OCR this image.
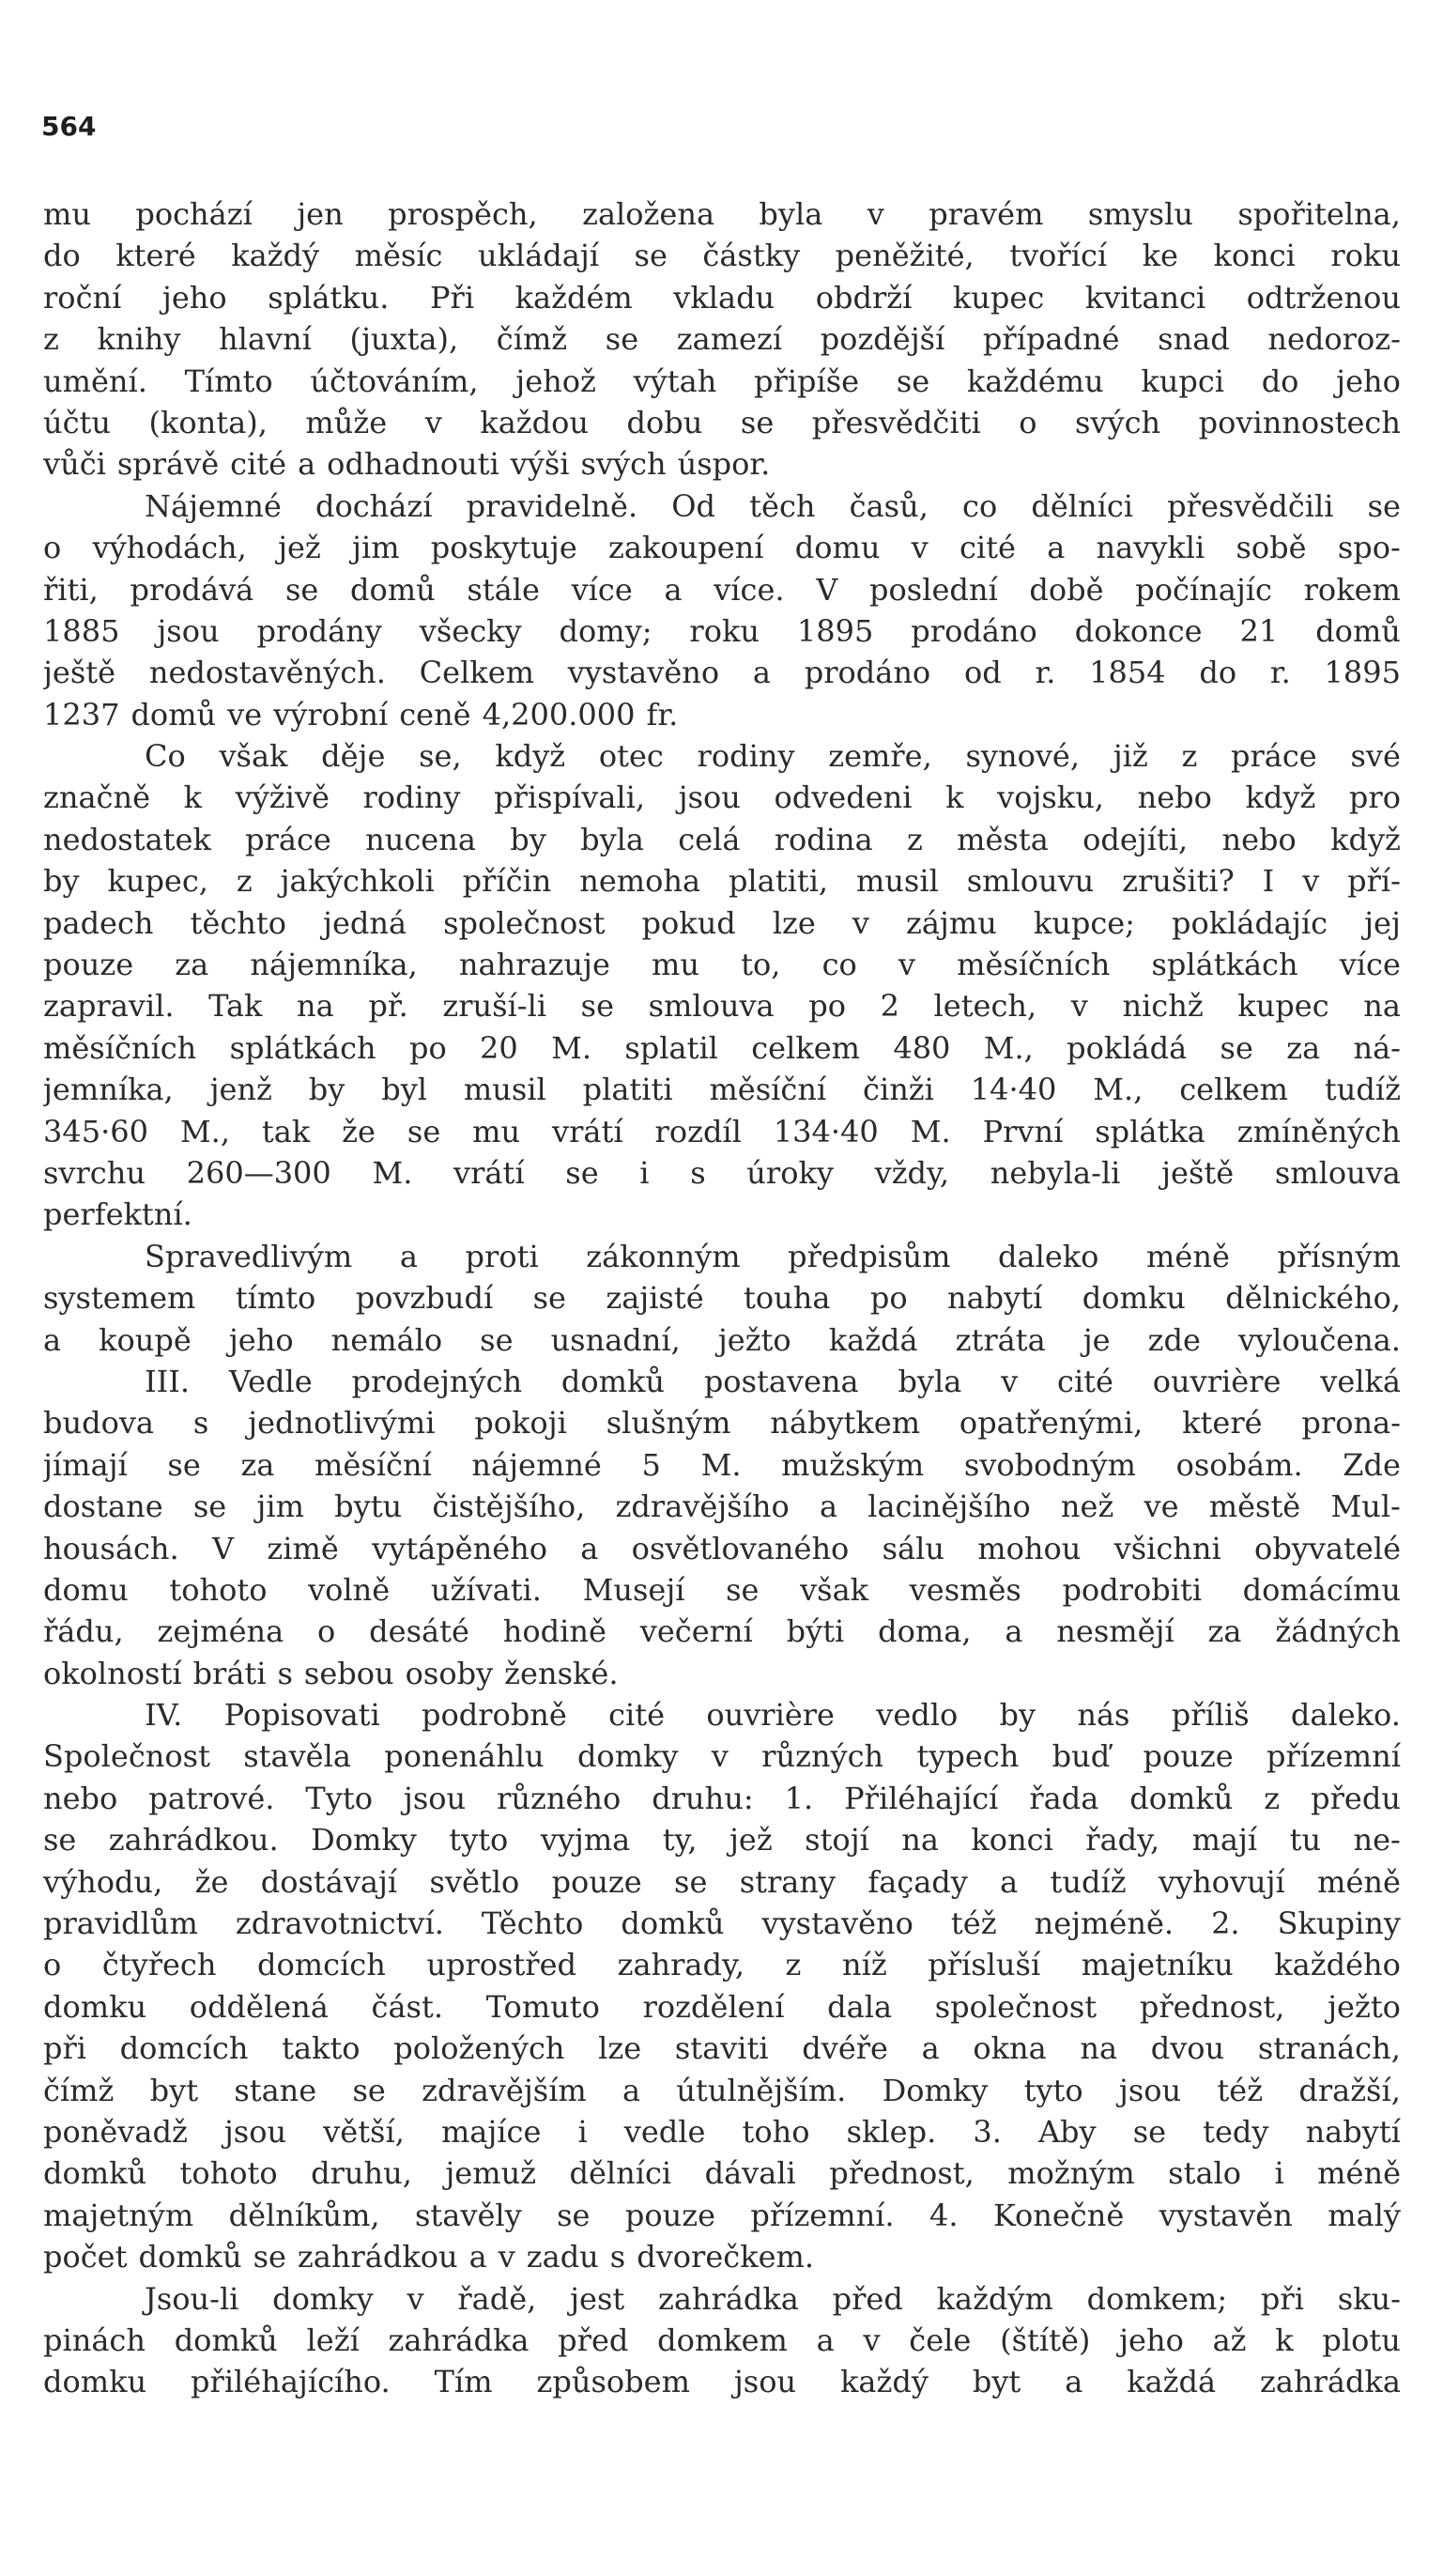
564
mu pochází jen prospěch, založena byla v pravém smyslu spořitelna,
do které každý měsíc ukládají se částky peněžité, tvořící ke konci roku
roční jeho splátku. Při každém vkladu obdrží kupec kvitanci odtrženou
z knihy hlavní (juxta), čímž se zamezí pozdější případné snad nedoroz-
umění. Tímto účtováním, jehož výtah připíše se každému kupci do jeho
účtu (konta), může v každou dobu se přesvědčiti o svých povinnostech
vůči správě cité a odhadnouti výši svých úspor.
Nájemné dochází pravidelně. Od těch časů, co dělníci přesvědčili se
o výhodách, jež jim poskytuje zakoupení domu v cité a navykli sobě spo-
řiti, prodává se domů stále více a více. V poslední době počínajíc rokem
1885 jsou prodány všecky domy; roku 1895 prodáno dokonce 21 domů
ještě nedostavěných. Celkem vystavěno a prodáno od r. 1854 do r. 1895
1237 domů ve výrobní ceně 4,200.000 fr.
Co však děje se, když otec rodiny zemře, synové, již z práce své
značně k výživě rodiny přispívali, jsou odvedeni k vojsku, nebo když pro
nedostatek práce nucena by byla celá rodina z města odejíti, nebo když
by kupec, z jakýchkoli příčin nemoha platiti, musil smlouvu zrušiti? I v pří-
padech těchto jedná společnost pokud lze v zájmu kupce; pokládajíc jej
pouze za nájemníka, nahrazuje mu to, co v měsíčních splátkách více
zapravil. Tak na př. zruší-li se smlouva po 2 letech, v nichž kupec na
měsíčních splátkách po 20 M. splatil celkem 480 M., pokládá se za ná-
jemníka, jenž by byl musil platiti měsíční činži 14·40 M., celkem tudíž
345·60 M., tak že se mu vrátí rozdíl 134·40 M. První splátka zmíněných
svrchu 260—300 M. vrátí se i s úroky vždy, nebyla-li ještě smlouva
perfektní.
Spravedlivým a proti zákonným předpisům daleko méně přísným
systemem tímto povzbudí se zajisté touha po nabytí domku dělnického,
a koupě jeho nemálo se usnadní, ježto každá ztráta je zde vyloučena.
III. Vedle prodejných domků postavena byla v cité ouvrière velká
budova s jednotlivými pokoji slušným nábytkem opatřenými, které prona-
jímají se za měsíční nájemné 5 M. mužským svobodným osobám. Zde
dostane se jim bytu čistějšího, zdravějšího a lacinějšího než ve městě Mul-
housách. V zimě vytápěného a osvětlovaného sálu mohou všichni obyvatelé
domu tohoto volně užívati. Musejí se však vesměs podrobiti domácímu
řádu, zejména o desáté hodině večerní býti doma, a nesmějí za žádných
okolností bráti s sebou osoby ženské.
IV. Popisovati podrobně cité ouvrière vedlo by nás příliš daleko.
Společnost stavěla ponenáhlu domky v různých typech buď pouze přízemní
nebo patrové. Tyto jsou různého druhu: 1. Přiléhající řada domků z předu
se zahrádkou. Domky tyto vyjma ty, jež stojí na konci řady, mají tu ne-
výhodu, že dostávají světlo pouze se strany façady a tudíž vyhovují méně
pravidlům zdravotnictví. Těchto domků vystavěno též nejméně. 2. Skupiny
o čtyřech domcích uprostřed zahrady, z níž přísluší majetníku každého
domku oddělená část. Tomuto rozdělení dala společnost přednost, ježto
při domcích takto položených lze staviti dvéře a okna na dvou stranách,
čímž byt stane se zdravějším a útulnějším. Domky tyto jsou též dražší,
poněvadž jsou větší, majíce i vedle toho sklep. 3. Aby se tedy nabytí
domků tohoto druhu, jemuž dělníci dávali přednost, možným stalo i méně
majetným dělníkům, stavěly se pouze přízemní. 4. Konečně vystavěn malý
počet domků se zahrádkou a v zadu s dvorečkem.
Jsou-li domky v řadě, jest zahrádka před každým domkem; při sku-
pinách domků leží zahrádka před domkem a v čele (štítě) jeho až k plotu
domku přiléhajícího. Tím způsobem jsou každý byt a každá zahrádka
